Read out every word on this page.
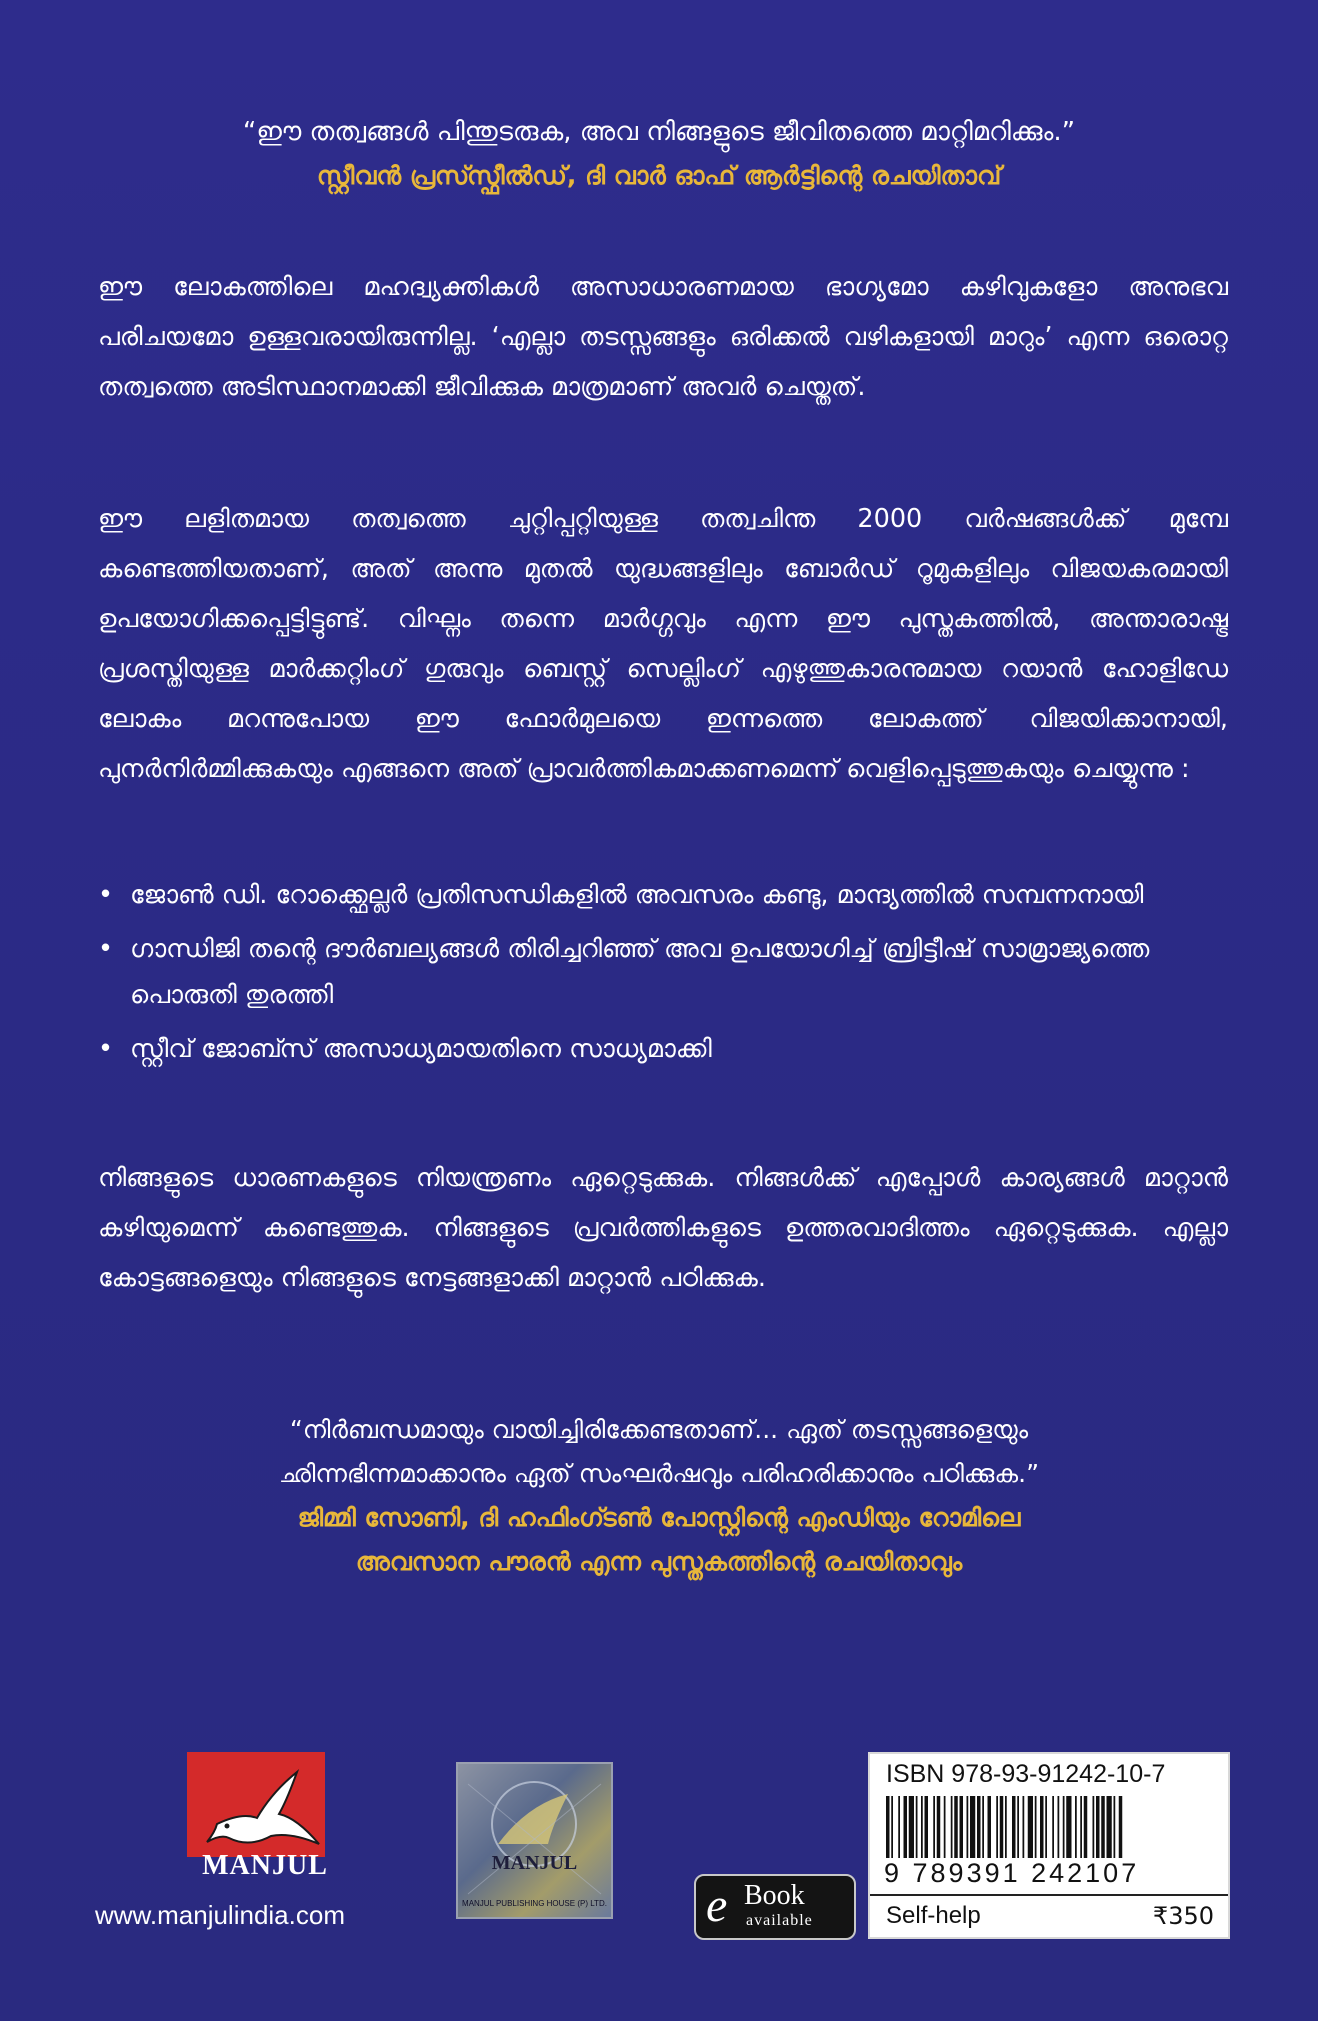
“ഈ തത്വങ്ങൾ പിന്തുടരുക, അവ നിങ്ങളുടെ ജീവിതത്തെ മാറ്റിമറിക്കും.”
സ്റ്റീവൻ പ്രസ്സ്ഫീൽഡ്, ദി വാർ ഓഫ് ആർട്ടിന്റെ രചയിതാവ്
ഈ ലോകത്തിലെ മഹദ്വ്യക്തികൾ അസാധാരണമായ ഭാഗ്യമോ കഴിവുകളോ അനുഭവ പരിചയമോ ഉള്ളവരായിരുന്നില്ല. ‘എല്ലാ തടസ്സങ്ങളും ഒരിക്കൽ വഴികളായി മാറും’ എന്ന ഒരൊറ്റ തത്വത്തെ അടിസ്ഥാനമാക്കി ജീവിക്കുക മാത്രമാണ് അവർ ചെയ്തത്.
ഈ ലളിതമായ തത്വത്തെ ചുറ്റിപ്പറ്റിയുള്ള തത്വചിന്ത 2000 വർഷങ്ങൾക്ക് മുമ്പേ കണ്ടെത്തിയതാണ്, അത് അന്നു മുതൽ യുദ്ധങ്ങളിലും ബോർഡ് റൂമുകളിലും വിജയകരമായി ഉപയോഗിക്കപ്പെട്ടിട്ടുണ്ട്. വിഘ്നം തന്നെ മാർഗ്ഗവും എന്ന ഈ പുസ്തകത്തിൽ, അന്താരാഷ്ട്ര പ്രശസ്തിയുള്ള മാർക്കറ്റിംഗ് ഗുരുവും ബെസ്റ്റ് സെല്ലിംഗ് എഴുത്തുകാരനുമായ റയാൻ ഹോളിഡേ ലോകം മറന്നുപോയ ഈ ഫോർമുലയെ ഇന്നത്തെ ലോകത്ത് വിജയിക്കാനായി, പുനർനിർമ്മിക്കുകയും എങ്ങനെ അത് പ്രാവർത്തികമാക്കണമെന്ന് വെളിപ്പെടുത്തുകയും ചെയ്യുന്നു :
• ജോൺ ഡി. റോക്ക്ഫെല്ലർ പ്രതിസന്ധികളിൽ അവസരം കണ്ടു, മാന്ദ്യത്തിൽ സമ്പന്നനായി
• ഗാന്ധിജി തന്റെ ദൗർബല്യങ്ങൾ തിരിച്ചറിഞ്ഞ് അവ ഉപയോഗിച്ച് ബ്രിട്ടീഷ് സാമ്രാജ്യത്തെ പൊരുതി തുരത്തി
• സ്റ്റീവ് ജോബ്സ് അസാധ്യമായതിനെ സാധ്യമാക്കി
നിങ്ങളുടെ ധാരണകളുടെ നിയന്ത്രണം ഏറ്റെടുക്കുക. നിങ്ങൾക്ക് എപ്പോൾ കാര്യങ്ങൾ മാറ്റാൻ കഴിയുമെന്ന് കണ്ടെത്തുക. നിങ്ങളുടെ പ്രവർത്തികളുടെ ഉത്തരവാദിത്തം ഏറ്റെടുക്കുക. എല്ലാ കോട്ടങ്ങളെയും നിങ്ങളുടെ നേട്ടങ്ങളാക്കി മാറ്റാൻ പഠിക്കുക.
“നിർബന്ധമായും വായിച്ചിരിക്കേണ്ടതാണ്... ഏത് തടസ്സങ്ങളെയും
ഛിന്നഭിന്നമാക്കാനും ഏത് സംഘർഷവും പരിഹരിക്കാനും പഠിക്കുക.”
ജിമ്മി സോണി, ദി ഹഫിംഗ്ടൺ പോസ്റ്റിന്റെ എംഡിയും റോമിലെ
അവസാന പൗരൻ എന്ന പുസ്തകത്തിന്റെ രചയിതാവും
MANJUL
www.manjulindia.com
MANJUL
MANJUL PUBLISHING HOUSE (P) LTD. e Book
available
ISBN 978-93-91242-10-7
9 789391 242107
Self-help	₹350
